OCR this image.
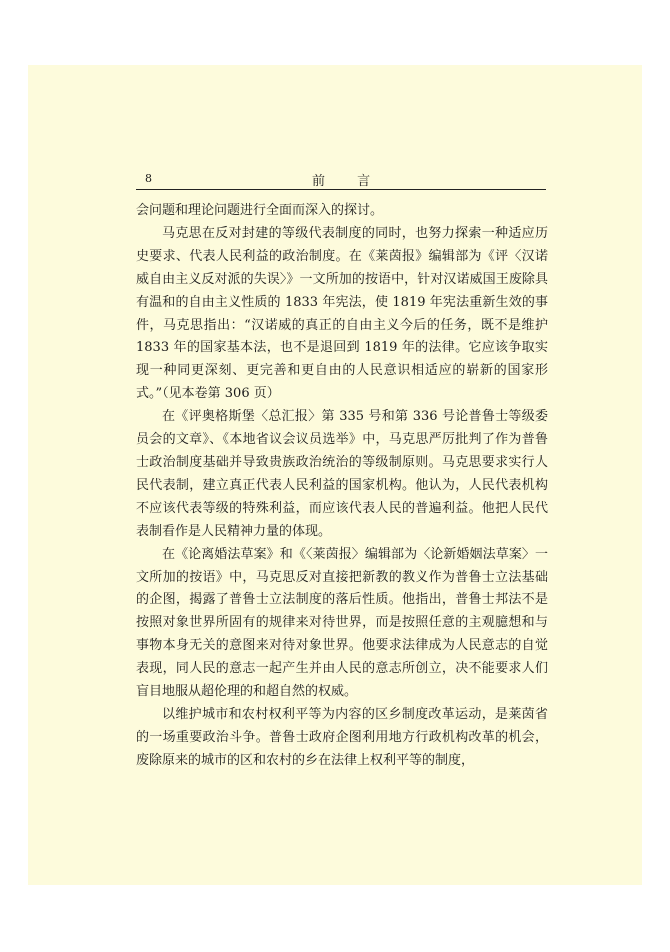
8	前 言

会问题和理论问题进行全面而深入的探讨。

马克思在反对封建的等级代表制度的同时，也努力探索一种适应历史要求、代表人民利益的政治制度。在《莱茵报》编辑部为《评〈汉诺威自由主义反对派的失误〉》一文所加的按语中，针对汉诺威国王废除具有温和的自由主义性质的 1833 年宪法，使 1819 年宪法重新生效的事件，马克思指出：“汉诺威的真正的自由主义今后的任务，既不是维护 1833 年的国家基本法，也不是退回到 1819 年的法律。它应该争取实现一种同更深刻、更完善和更自由的人民意识相适应的崭新的国家形式。”（见本卷第 306 页）

在《评奥格斯堡〈总汇报〉第 335 号和第 336 号论普鲁士等级委员会的文章》、《本地省议会议员选举》中，马克思严厉批判了作为普鲁士政治制度基础并导致贵族政治统治的等级制原则。马克思要求实行人民代表制，建立真正代表人民利益的国家机构。他认为，人民代表机构不应该代表等级的特殊利益，而应该代表人民的普遍利益。他把人民代表制看作是人民精神力量的体现。

在《论离婚法草案》和《〈莱茵报〉编辑部为〈论新婚姻法草案〉一文所加的按语》中，马克思反对直接把新教的教义作为普鲁士立法基础的企图，揭露了普鲁士立法制度的落后性质。他指出，普鲁士邦法不是按照对象世界所固有的规律来对待世界，而是按照任意的主观臆想和与事物本身无关的意图来对待对象世界。他要求法律成为人民意志的自觉表现，同人民的意志一起产生并由人民的意志所创立，决不能要求人们盲目地服从超伦理的和超自然的权威。

以维护城市和农村权利平等为内容的区乡制度改革运动，是莱茵省的一场重要政治斗争。普鲁士政府企图利用地方行政机构改革的机会，废除原来的城市的区和农村的乡在法律上权利平等的制度，
